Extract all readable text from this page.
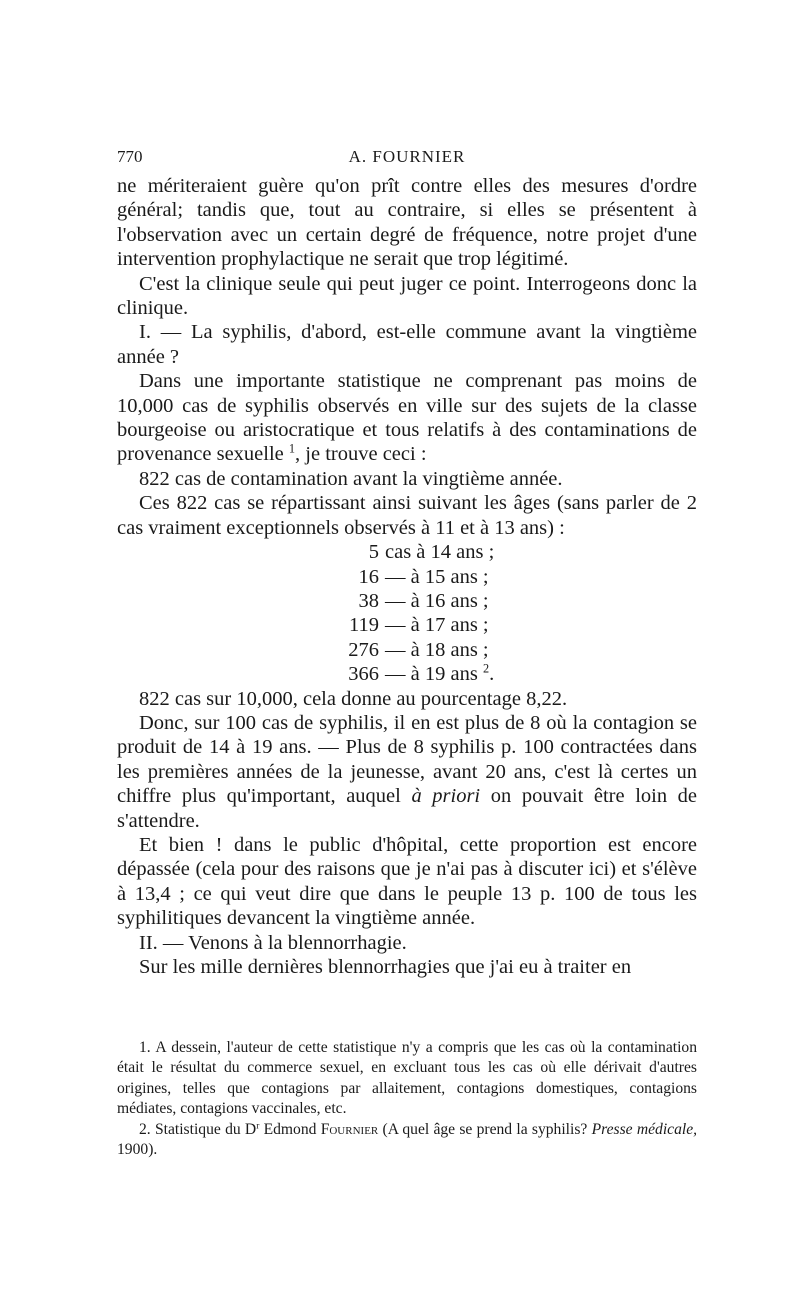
770	A. FOURNIER

ne mériteraient guère qu'on prît contre elles des mesures d'ordre général; tandis que, tout au contraire, si elles se présentent à l'observation avec un certain degré de fréquence, notre projet d'une intervention prophylactique ne serait que trop légitimé.

C'est la clinique seule qui peut juger ce point. Interrogeons donc la clinique.

I. — La syphilis, d'abord, est-elle commune avant la vingtième année ?

Dans une importante statistique ne comprenant pas moins de 10,000 cas de syphilis observés en ville sur des sujets de la classe bourgeoise ou aristocratique et tous relatifs à des contaminations de provenance sexuelle $^1$, je trouve ceci :

822 cas de contamination avant la vingtième année.

Ces 822 cas se répartissant ainsi suivant les âges (sans parler de 2 cas vraiment exceptionnels observés à 11 et à 13 ans) :

5 cas à 14 ans ;
16 — à 15 ans ;
38 — à 16 ans ;
119 — à 17 ans ;
276 — à 18 ans ;
366 — à 19 ans $^2$.

822 cas sur 10,000, cela donne au pourcentage 8,22.

Donc, sur 100 cas de syphilis, il en est plus de 8 où la contagion se produit de 14 à 19 ans. — Plus de 8 syphilis p. 100 contractées dans les premières années de la jeunesse, avant 20 ans, c'est là certes un chiffre plus qu'important, auquel à priori on pouvait être loin de s'attendre.

Et bien ! dans le public d'hôpital, cette proportion est encore dépassée (cela pour des raisons que je n'ai pas à discuter ici) et s'élève à 13,4 ; ce qui veut dire que dans le peuple 13 p. 100 de tous les syphilitiques devancent la vingtième année.

II. — Venons à la blennorrhagie.

Sur les mille dernières blennorrhagies que j'ai eu à traiter en

1. A dessein, l'auteur de cette statistique n'y a compris que les cas où la contamination était le résultat du commerce sexuel, en excluant tous les cas où elle dérivait d'autres origines, telles que contagions par allaitement, contagions domestiques, contagions médiates, contagions vaccinales, etc.

2. Statistique du $D^r$ Edmond Fournier (A quel âge se prend la syphilis? Presse médicale, 1900).
